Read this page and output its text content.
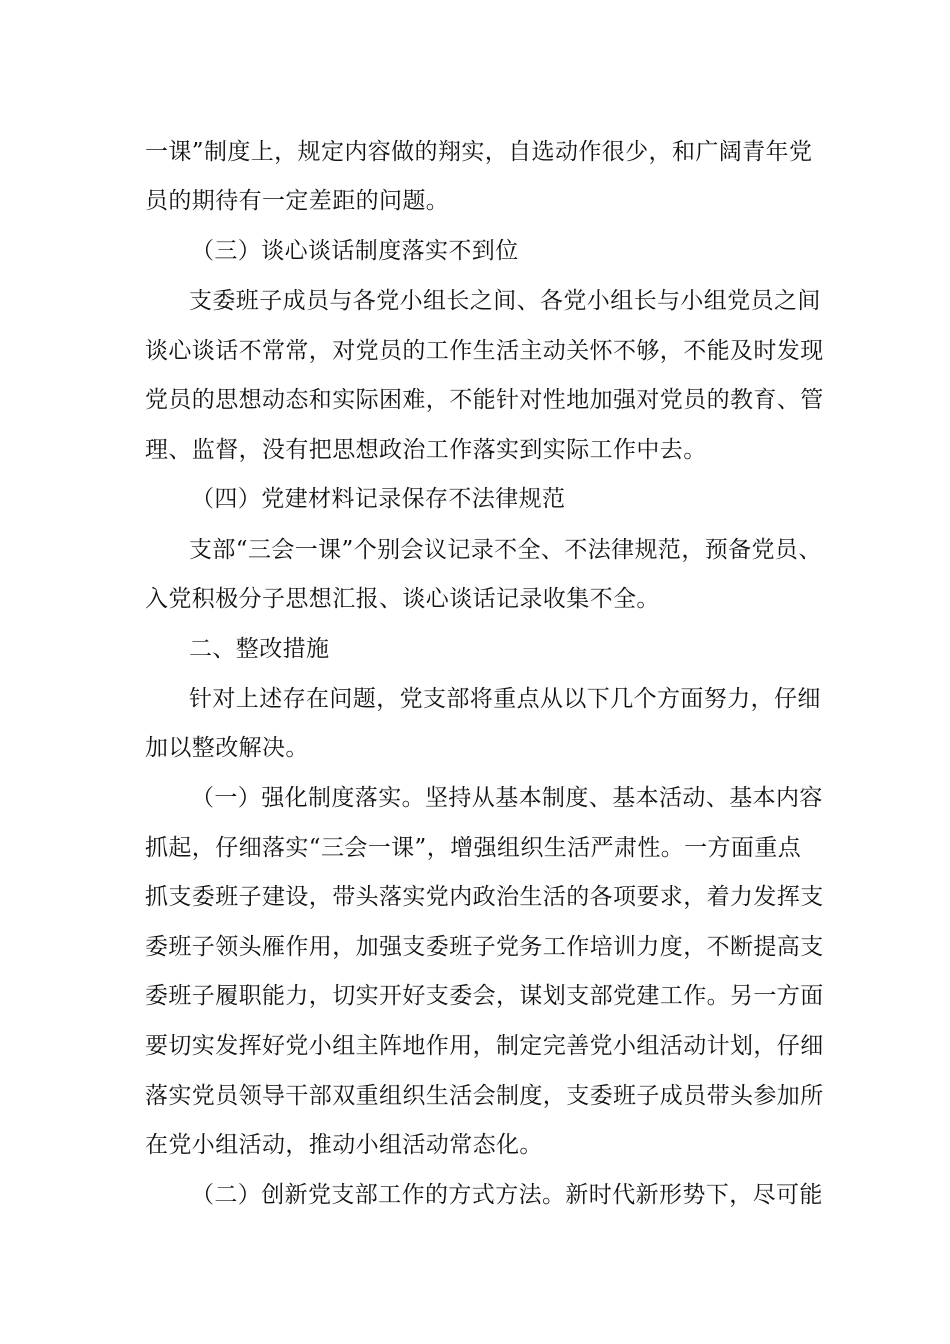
一课”制度上，规定内容做的翔实，自选动作很少，和广阔青年党
员的期待有一定差距的问题。
（三）谈心谈话制度落实不到位
支委班子成员与各党小组长之间、各党小组长与小组党员之间
谈心谈话不常常，对党员的工作生活主动关怀不够，不能及时发现
党员的思想动态和实际困难，不能针对性地加强对党员的教育、管
理、监督，没有把思想政治工作落实到实际工作中去。
（四）党建材料记录保存不法律规范
支部“三会一课”个别会议记录不全、不法律规范，预备党员、
入党积极分子思想汇报、谈心谈话记录收集不全。
二、整改措施
针对上述存在问题，党支部将重点从以下几个方面努力，仔细
加以整改解决。
（一）强化制度落实。坚持从基本制度、基本活动、基本内容
抓起，仔细落实“三会一课”，增强组织生活严肃性。一方面重点
抓支委班子建设，带头落实党内政治生活的各项要求，着力发挥支
委班子领头雁作用，加强支委班子党务工作培训力度，不断提高支
委班子履职能力，切实开好支委会，谋划支部党建工作。另一方面
要切实发挥好党小组主阵地作用，制定完善党小组活动计划，仔细
落实党员领导干部双重组织生活会制度，支委班子成员带头参加所
在党小组活动，推动小组活动常态化。
（二）创新党支部工作的方式方法。新时代新形势下，尽可能
